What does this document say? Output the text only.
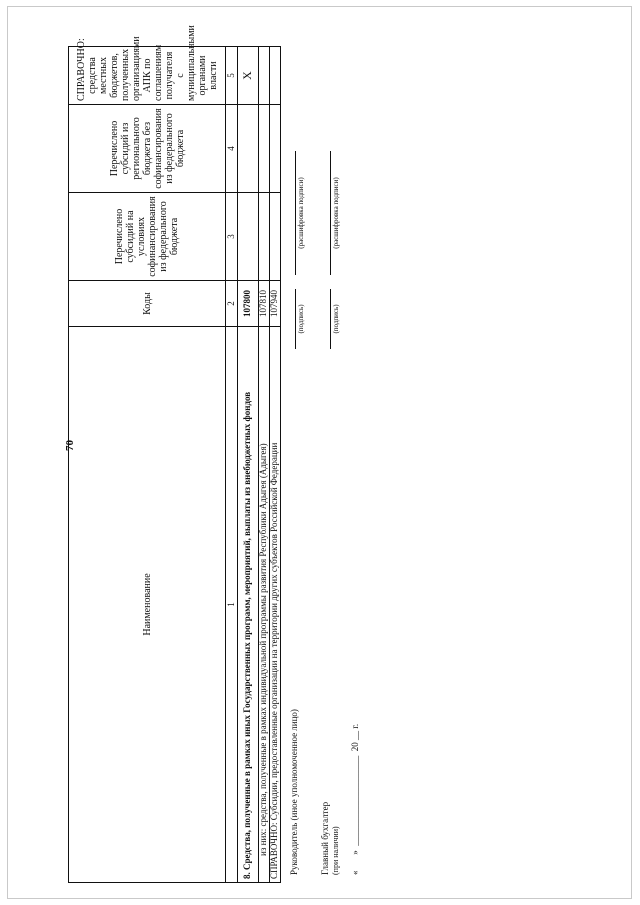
70
Наименование	Коды	Перечислено субсидий на условиях софинансирования из федерального бюджета	Перечислено субсидий из регионального бюджета без софинансирования из федерального бюджета	СПРАВОЧНО: средства местных бюджетов, полученных организациями АПК по соглашениям получателя с муниципальными органами власти
1	2	3	4	5
8. Средства, полученные в рамках иных Государственных программ, мероприятий, выплаты из внебюджетных фондов	107800			X
из них: средства, полученные в рамках индивидуальной программы развития Республики Адыгея (Адыгея)	107810			
СПРАВОЧНО: Субсидии, предоставленные организации на территории других субъектов Российской Федерации	107940			
Руководитель (иное уполномоченное лицо)
(подпись)
(расшифровка подписи)
Главный бухгалтер (при наличии)
(подпись)
(расшифровка подписи)
«       »  ____________________  20 __ г.
